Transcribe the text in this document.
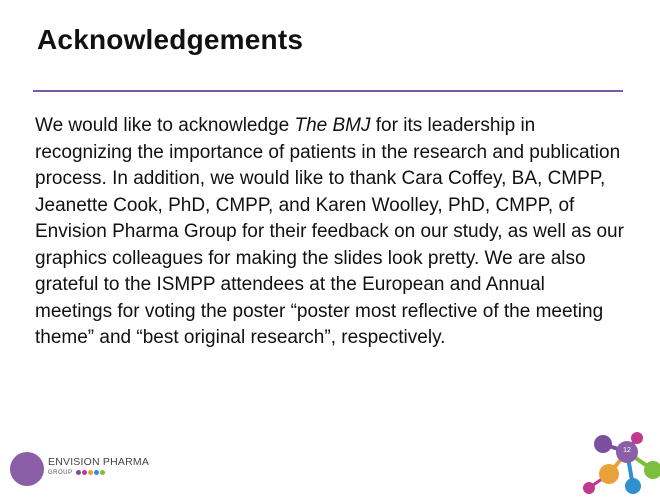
Acknowledgements
We would like to acknowledge The BMJ for its leadership in recognizing the importance of patients in the research and publication process. In addition, we would like to thank Cara Coffey, BA, CMPP, Jeanette Cook, PhD, CMPP, and Karen Woolley, PhD, CMPP, of Envision Pharma Group for their feedback on our study, as well as our graphics colleagues for making the slides look pretty. We are also grateful to the ISMPP attendees at the European and Annual meetings for voting the poster “poster most reflective of the meeting theme” and “best original research”, respectively.
ENVISION PHARMA
GROUP
12
